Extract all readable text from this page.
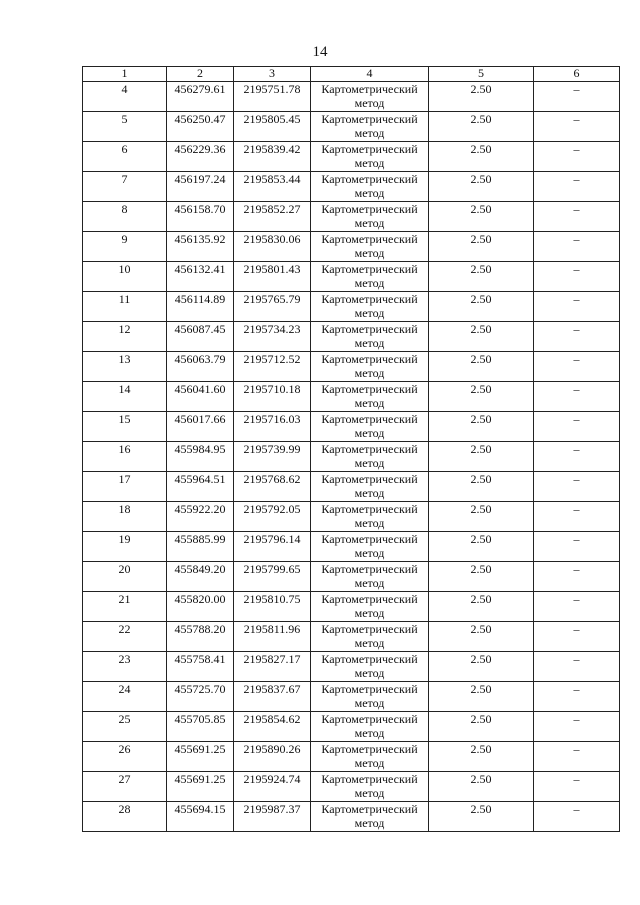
14
1	2	3	4	5	6
4	456279.61	2195751.78	Картометрический метод	2.50	–
5	456250.47	2195805.45	Картометрический метод	2.50	–
6	456229.36	2195839.42	Картометрический метод	2.50	–
7	456197.24	2195853.44	Картометрический метод	2.50	–
8	456158.70	2195852.27	Картометрический метод	2.50	–
9	456135.92	2195830.06	Картометрический метод	2.50	–
10	456132.41	2195801.43	Картометрический метод	2.50	–
11	456114.89	2195765.79	Картометрический метод	2.50	–
12	456087.45	2195734.23	Картометрический метод	2.50	–
13	456063.79	2195712.52	Картометрический метод	2.50	–
14	456041.60	2195710.18	Картометрический метод	2.50	–
15	456017.66	2195716.03	Картометрический метод	2.50	–
16	455984.95	2195739.99	Картометрический метод	2.50	–
17	455964.51	2195768.62	Картометрический метод	2.50	–
18	455922.20	2195792.05	Картометрический метод	2.50	–
19	455885.99	2195796.14	Картометрический метод	2.50	–
20	455849.20	2195799.65	Картометрический метод	2.50	–
21	455820.00	2195810.75	Картометрический метод	2.50	–
22	455788.20	2195811.96	Картометрический метод	2.50	–
23	455758.41	2195827.17	Картометрический метод	2.50	–
24	455725.70	2195837.67	Картометрический метод	2.50	–
25	455705.85	2195854.62	Картометрический метод	2.50	–
26	455691.25	2195890.26	Картометрический метод	2.50	–
27	455691.25	2195924.74	Картометрический метод	2.50	–
28	455694.15	2195987.37	Картометрический метод	2.50	–
